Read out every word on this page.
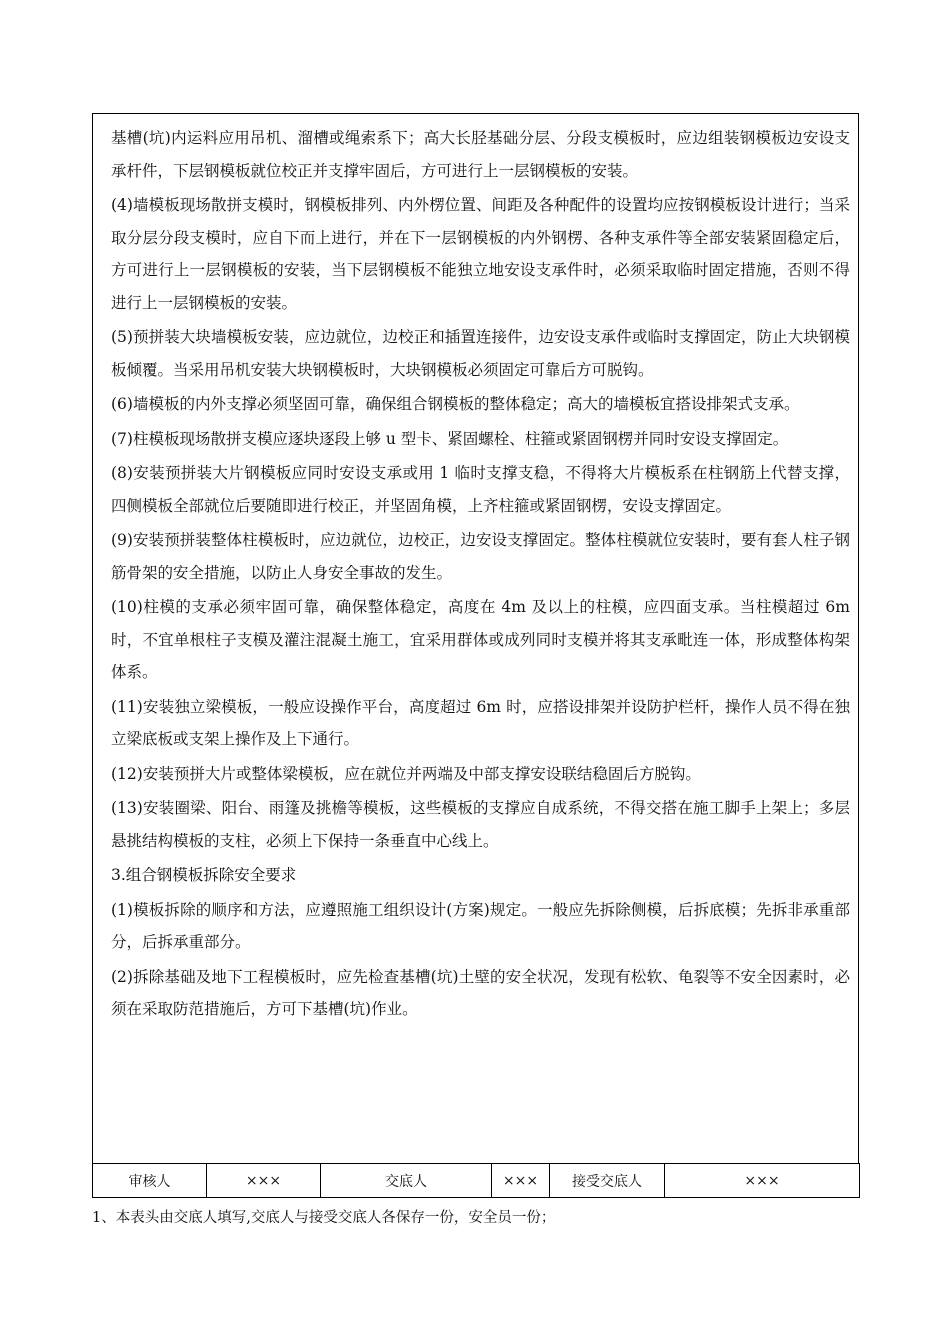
基槽(坑)内运料应用吊机、溜槽或绳索系下；高大长胫基础分层、分段支模板时，应边组装钢模板边安设支承杆件，下层钢模板就位校正并支撑牢固后，方可进行上一层钢模板的安装。

(4)墙模板现场散拼支模时，钢模板排列、内外楞位置、间距及各种配件的设置均应按钢模板设计进行；当采取分层分段支模时，应自下而上进行，并在下一层钢模板的内外钢楞、各种支承件等全部安装紧固稳定后，方可进行上一层钢模板的安装，当下层钢模板不能独立地安设支承件时，必须采取临时固定措施，否则不得进行上一层钢模板的安装。

(5)预拼装大块墙模板安装，应边就位，边校正和插置连接件，边安设支承件或临时支撑固定，防止大块钢模板倾覆。当采用吊机安装大块钢模板时，大块钢模板必须固定可靠后方可脱钩。

(6)墙模板的内外支撑必须坚固可靠，确保组合钢模板的整体稳定；高大的墙模板宜搭设排架式支承。

(7)柱模板现场散拼支模应逐块逐段上够 u 型卡、紧固螺栓、柱箍或紧固钢楞并同时安设支撑固定。

(8)安装预拼装大片钢模板应同时安设支承或用 1 临时支撑支稳，不得将大片模板系在柱钢筋上代替支撑，四侧模板全部就位后要随即进行校正，并坚固角模，上齐柱箍或紧固钢楞，安设支撑固定。

(9)安装预拼装整体柱模板时，应边就位，边校正，边安设支撑固定。整体柱模就位安装时，要有套人柱子钢筋骨架的安全措施，以防止人身安全事故的发生。

(10)柱模的支承必须牢固可靠，确保整体稳定，高度在 4m 及以上的柱模，应四面支承。当柱模超过 6m 时，不宜单根柱子支模及灌注混凝土施工，宜采用群体或成列同时支模并将其支承毗连一体，形成整体构架体系。

(11)安装独立梁模板，一般应设操作平台，高度超过 6m 时，应搭设排架并设防护栏杆，操作人员不得在独立梁底板或支架上操作及上下通行。

(12)安装预拼大片或整体梁模板，应在就位并两端及中部支撑安设联结稳固后方脱钩。

(13)安装圈梁、阳台、雨篷及挑檐等模板，这些模板的支撑应自成系统，不得交搭在施工脚手上架上；多层悬挑结构模板的支柱，必须上下保持一条垂直中心线上。

3.组合钢模板拆除安全要求

(1)模板拆除的顺序和方法，应遵照施工组织设计(方案)规定。一般应先拆除侧模，后拆底模；先拆非承重部分，后拆承重部分。

(2)拆除基础及地下工程模板时，应先检查基槽(坑)土壁的安全状况，发现有松软、龟裂等不安全因素时，必须在采取防范措施后，方可下基槽(坑)作业。

审核人	×××	交底人	×××	接受交底人	×××
1、本表头由交底人填写,交底人与接受交底人各保存一份，安全员一份；
